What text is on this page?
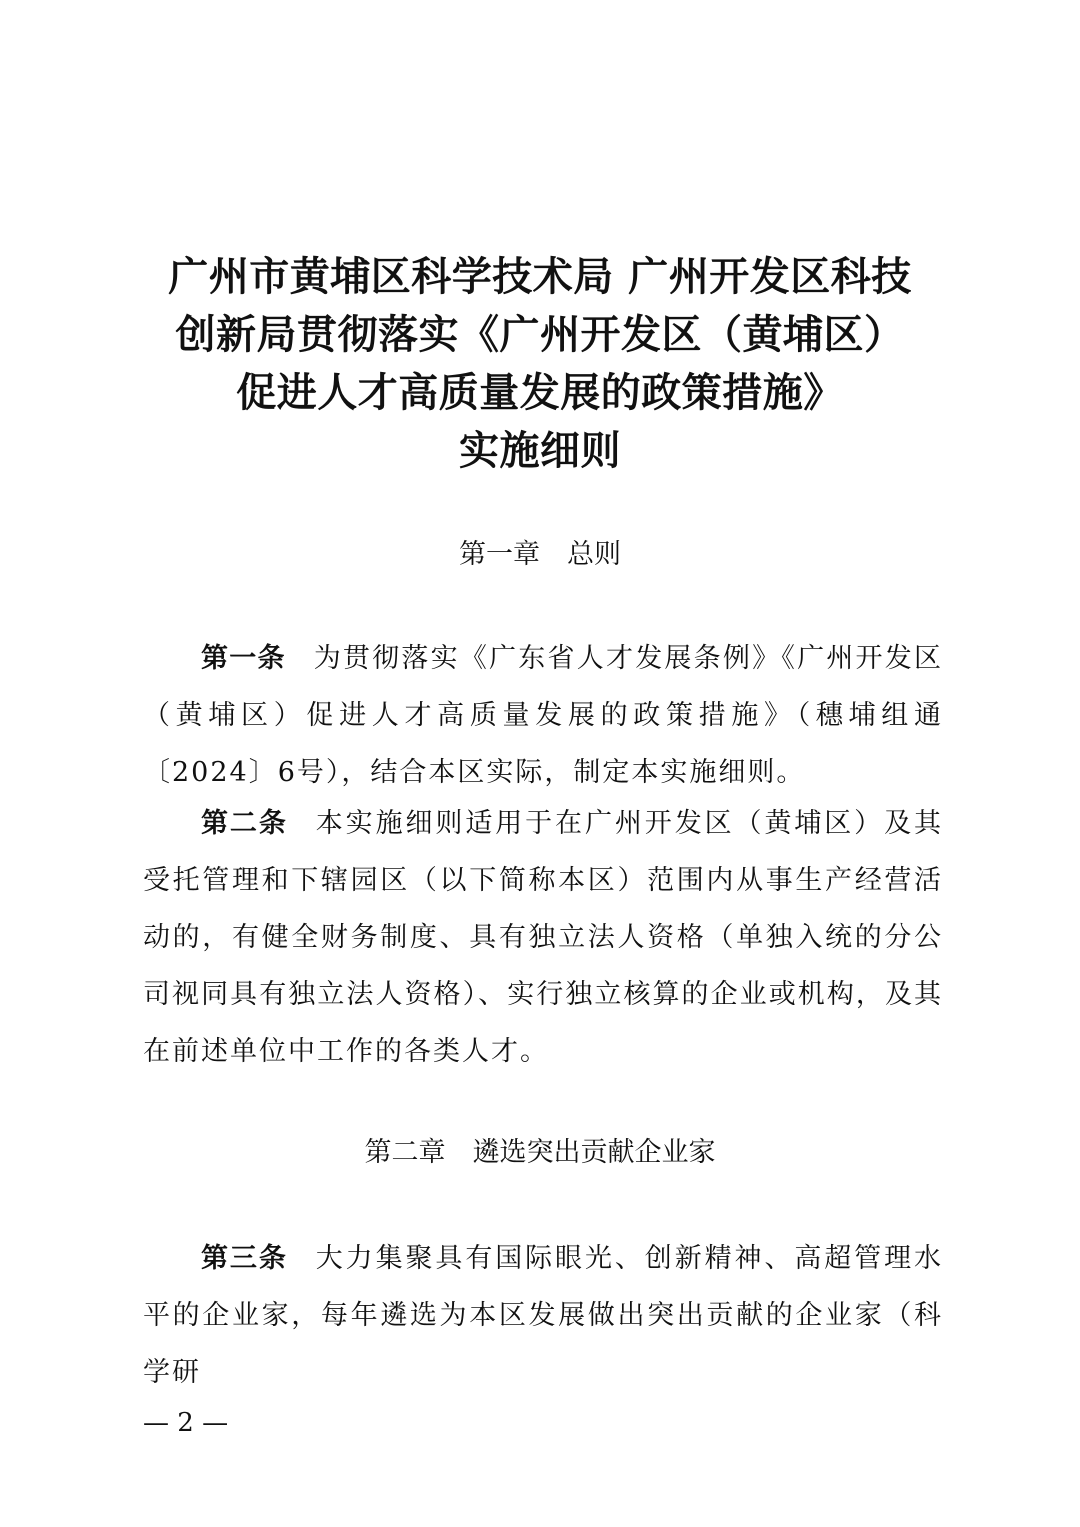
广州市黄埔区科学技术局 广州开发区科技
创新局贯彻落实《广州开发区（黄埔区）
促进人才高质量发展的政策措施》
实施细则
第一章　总则
第一条 为贯彻落实《广东省人才发展条例》《广州开发区（黄埔区）促进人才高质量发展的政策措施》（穗埔组通〔2024〕6号），结合本区实际，制定本实施细则。
第二条 本实施细则适用于在广州开发区（黄埔区）及其受托管理和下辖园区（以下简称本区）范围内从事生产经营活动的，有健全财务制度、具有独立法人资格（单独入统的分公司视同具有独立法人资格）、实行独立核算的企业或机构，及其在前述单位中工作的各类人才。
第二章　遴选突出贡献企业家
第三条 大力集聚具有国际眼光、创新精神、高超管理水平的企业家，每年遴选为本区发展做出突出贡献的企业家（科学研
— 2 —
